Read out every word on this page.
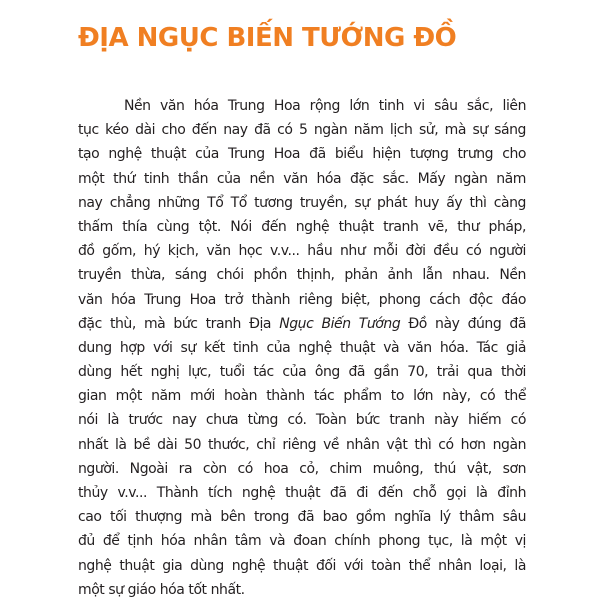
ĐỊA NGỤC BIẾN TƯỚNG ĐỒ
Nền văn hóa Trung Hoa rộng lớn tinh vi sâu sắc, liên
tục kéo dài cho đến nay đã có 5 ngàn năm lịch sử, mà sự sáng
tạo nghệ thuật của Trung Hoa đã biểu hiện tượng trưng cho
một thứ tinh thần của nền văn hóa đặc sắc. Mấy ngàn năm
nay chẳng những Tổ Tổ tương truyền, sự phát huy ấy thì càng
thấm thía cùng tột. Nói đến nghệ thuật tranh vẽ, thư pháp,
đồ gốm, hý kịch, văn học v.v... hầu như mỗi đời đều có người
truyền thừa, sáng chói phồn thịnh, phản ảnh lẫn nhau. Nền
văn hóa Trung Hoa trở thành riêng biệt, phong cách độc đáo
đặc thù, mà bức tranh Địa Ngục Biến Tướng Đồ này đúng đã
dung hợp với sự kết tinh của nghệ thuật và văn hóa. Tác giả
dùng hết nghị lực, tuổi tác của ông đã gần 70, trải qua thời
gian một năm mới hoàn thành tác phẩm to lớn này, có thể
nói là trước nay chưa từng có. Toàn bức tranh này hiếm có
nhất là bề dài 50 thước, chỉ riêng về nhân vật thì có hơn ngàn
người. Ngoài ra còn có hoa cỏ, chim muông, thú vật, sơn
thủy v.v... Thành tích nghệ thuật đã đi đến chỗ gọi là đỉnh
cao tối thượng mà bên trong đã bao gồm nghĩa lý thâm sâu
đủ để tịnh hóa nhân tâm và đoan chính phong tục, là một vị
nghệ thuật gia dùng nghệ thuật đối với toàn thể nhân loại, là
một sự giáo hóa tốt nhất.
